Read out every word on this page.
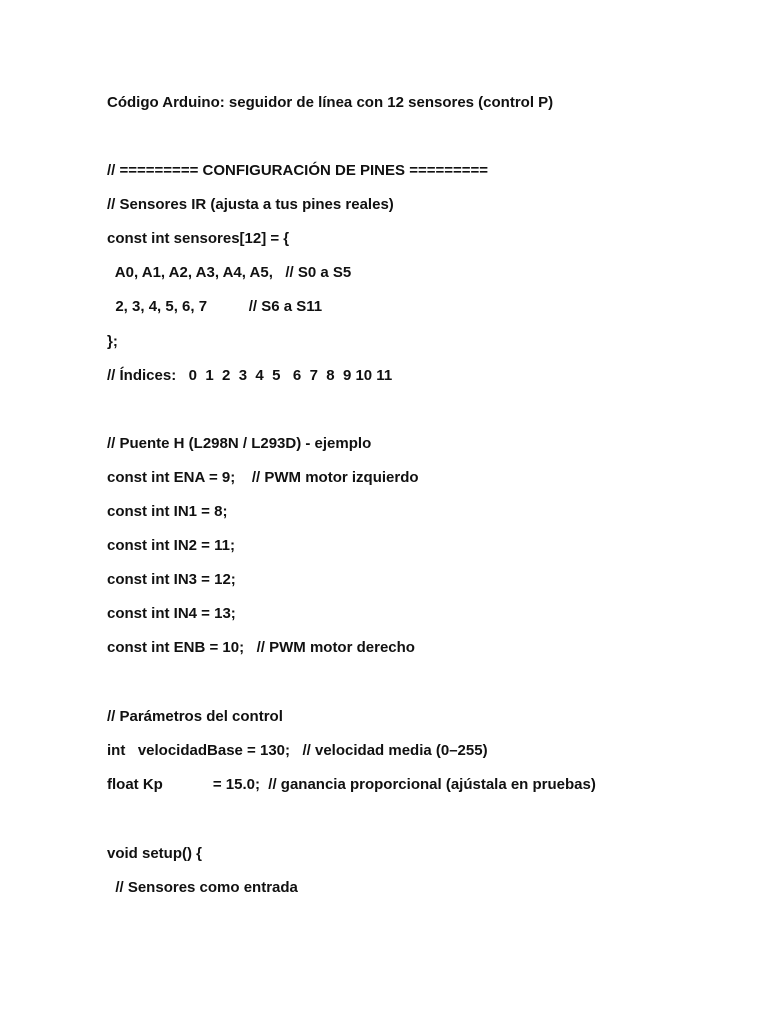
Código Arduino: seguidor de línea con 12 sensores (control P)
// ========= CONFIGURACIÓN DE PINES =========
// Sensores IR (ajusta a tus pines reales)
const int sensores[12] = {
A0, A1, A2, A3, A4, A5,   // S0 a S5
2, 3, 4, 5, 6, 7          // S6 a S11
};
// Índices:   0  1  2  3  4  5   6  7  8  9 10 11
// Puente H (L298N / L293D) - ejemplo
const int ENA = 9;    // PWM motor izquierdo
const int IN1 = 8;
const int IN2 = 11;
const int IN3 = 12;
const int IN4 = 13;
const int ENB = 10;   // PWM motor derecho
// Parámetros del control
int   velocidadBase = 130;   // velocidad media (0–255)
float Kp            = 15.0;  // ganancia proporcional (ajústala en pruebas)
void setup() {
// Sensores como entrada
